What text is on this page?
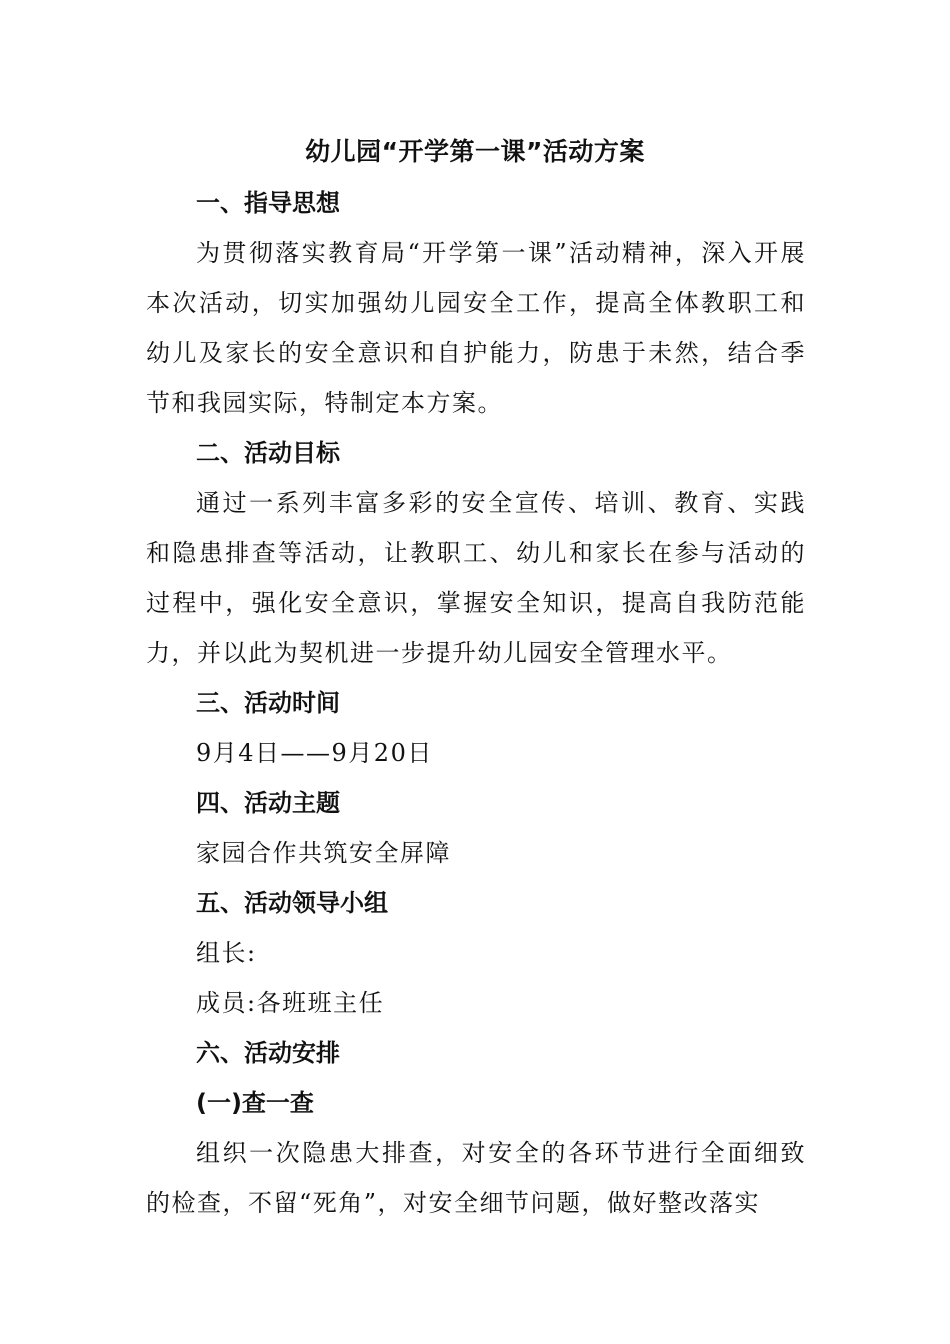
幼儿园“开学第一课”活动方案
一、指导思想
为贯彻落实教育局“开学第一课”活动精神，深入开展本次活动，切实加强幼儿园安全工作，提高全体教职工和幼儿及家长的安全意识和自护能力，防患于未然，结合季节和我园实际，特制定本方案。
二、活动目标
通过一系列丰富多彩的安全宣传、培训、教育、实践和隐患排查等活动，让教职工、幼儿和家长在参与活动的过程中，强化安全意识，掌握安全知识，提高自我防范能力，并以此为契机进一步提升幼儿园安全管理水平。
三、活动时间
9月4日——9月20日
四、活动主题
家园合作共筑安全屏障
五、活动领导小组
组长:
成员:各班班主任
六、活动安排
(一)查一查
组织一次隐患大排查，对安全的各环节进行全面细致的检查，不留“死角”，对安全细节问题，做好整改落实
